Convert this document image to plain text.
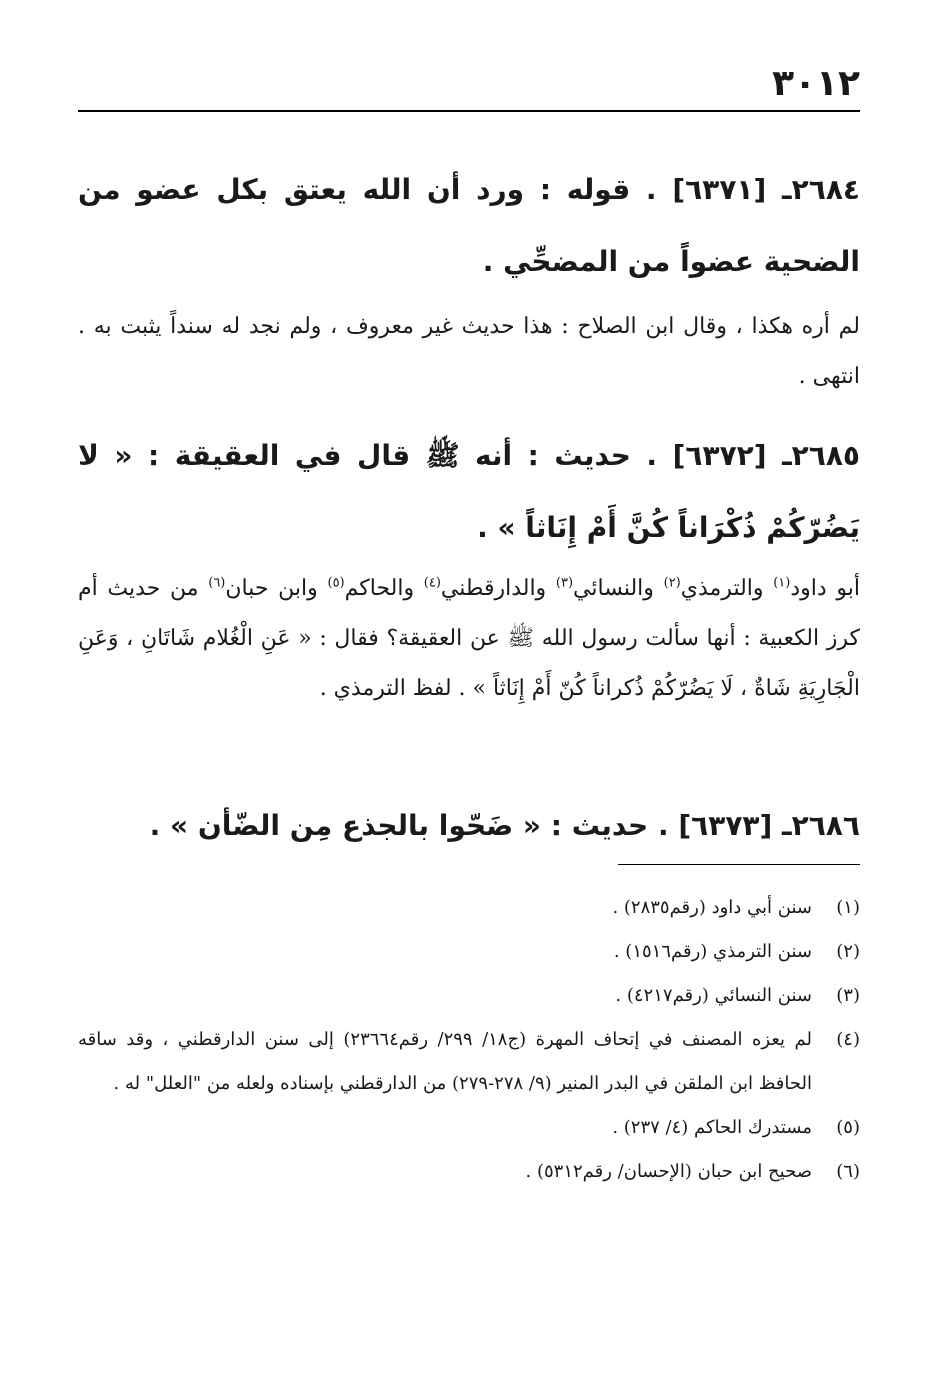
٣٠١٢
٢٦٨٤ـ [٦٣٧١] . قوله : ورد أن الله يعتق بكل عضو من الضحية عضواً من المضحِّي .
لم أره هكذا ، وقال ابن الصلاح : هذا حديث غير معروف ، ولم نجد له سنداً يثبت به . انتهى .
٢٦٨٥ـ [٦٣٧٢] . حديث : أنه ﷺ قال في العقيقة : « لا يَضُرّكُمْ ذُكْرَاناً كُنَّ أَمْ إِنَاثاً » .
أبو داود$^{(١)}$ والترمذي$^{(٢)}$ والنسائي$^{(٣)}$ والدارقطني$^{(٤)}$ والحاكم$^{(٥)}$ وابن حبان$^{(٦)}$ من حديث أم كرز الكعبية : أنها سألت رسول الله ﷺ عن العقيقة؟ فقال : « عَنِ الْغُلام شَاتَانِ ، وَعَنِ الْجَارِيَةِ شَاةٌ ، لَا يَضُرّكُمْ ذُكراناً كُنّ أَمْ إِنَاثاً » . لفظ الترمذي .
٢٦٨٦ـ [٦٣٧٣] . حديث : « ضَحّوا بالجذع مِن الضّأن » .
(١)
سنن أبي داود (رقم٢٨٣٥) .
(٢)
سنن الترمذي (رقم١٥١٦) .
(٣)
سنن النسائي (رقم٤٢١٧) .
(٤)
لم يعزه المصنف في إتحاف المهرة (ج١٨/ ٢٩٩/ رقم٢٣٦٦٤) إلى سنن الدارقطني ، وقد ساقه الحافظ ابن الملقن في البدر المنير (٩/ ٢٧٨-٢٧٩) من الدارقطني بإسناده ولعله من "العلل" له .
(٥)
مستدرك الحاكم (٤/ ٢٣٧) .
(٦)
صحيح ابن حبان (الإحسان/ رقم٥٣١٢) .
